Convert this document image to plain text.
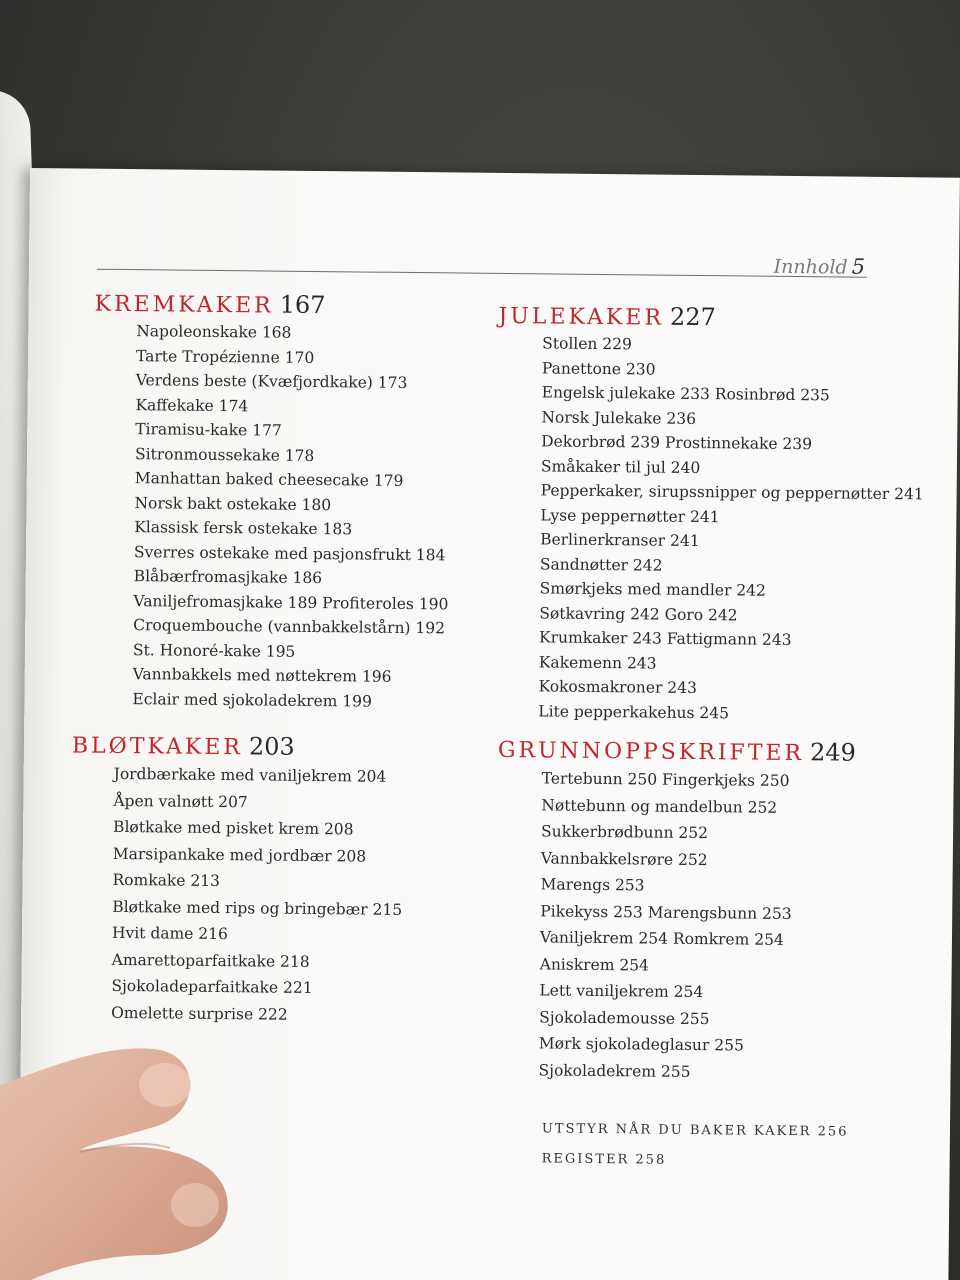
Innhold 5
KREMKAKER 167
Napoleonskake 168
Tarte Tropézienne 170
Verdens beste (Kvæfjordkake) 173
Kaffekake 174
Tiramisu-kake 177
Sitronmoussekake 178
Manhattan baked cheesecake 179
Norsk bakt ostekake 180
Klassisk fersk ostekake 183
Sverres ostekake med pasjonsfrukt 184
Blåbærfromasjkake 186
Vaniljefromasjkake 189 Profiteroles 190
Croquembouche (vannbakkelstårn) 192
St. Honoré-kake 195
Vannbakkels med nøttekrem 196
Eclair med sjokoladekrem 199
JULEKAKER 227
Stollen 229
Panettone 230
Engelsk julekake 233 Rosinbrød 235
Norsk Julekake 236
Dekorbrød 239 Prostinnekake 239
Småkaker til jul 240
Pepperkaker, sirupssnipper og peppernøtter 241
Lyse peppernøtter 241
Berlinerkranser 241
Sandnøtter 242
Smørkjeks med mandler 242
Søtkavring 242 Goro 242
Krumkaker 243 Fattigmann 243
Kakemenn 243
Kokosmakroner 243
Lite pepperkakehus 245
BLØTKAKER 203
Jordbærkake med vaniljekrem 204
Åpen valnøtt 207
Bløtkake med pisket krem 208
Marsipankake med jordbær 208
Romkake 213
Bløtkake med rips og bringebær 215
Hvit dame 216
Amarettoparfaitkake 218
Sjokoladeparfaitkake 221
Omelette surprise 222
GRUNNOPPSKRIFTER 249
Tertebunn 250 Fingerkjeks 250
Nøttebunn og mandelbun 252
Sukkerbrødbunn 252
Vannbakkelsrøre 252
Marengs 253
Pikekyss 253 Marengsbunn 253
Vaniljekrem 254 Romkrem 254
Aniskrem 254
Lett vaniljekrem 254
Sjokolademousse 255
Mørk sjokoladeglasur 255
Sjokoladekrem 255
UTSTYR NÅR DU BAKER KAKER 256
REGISTER 258
